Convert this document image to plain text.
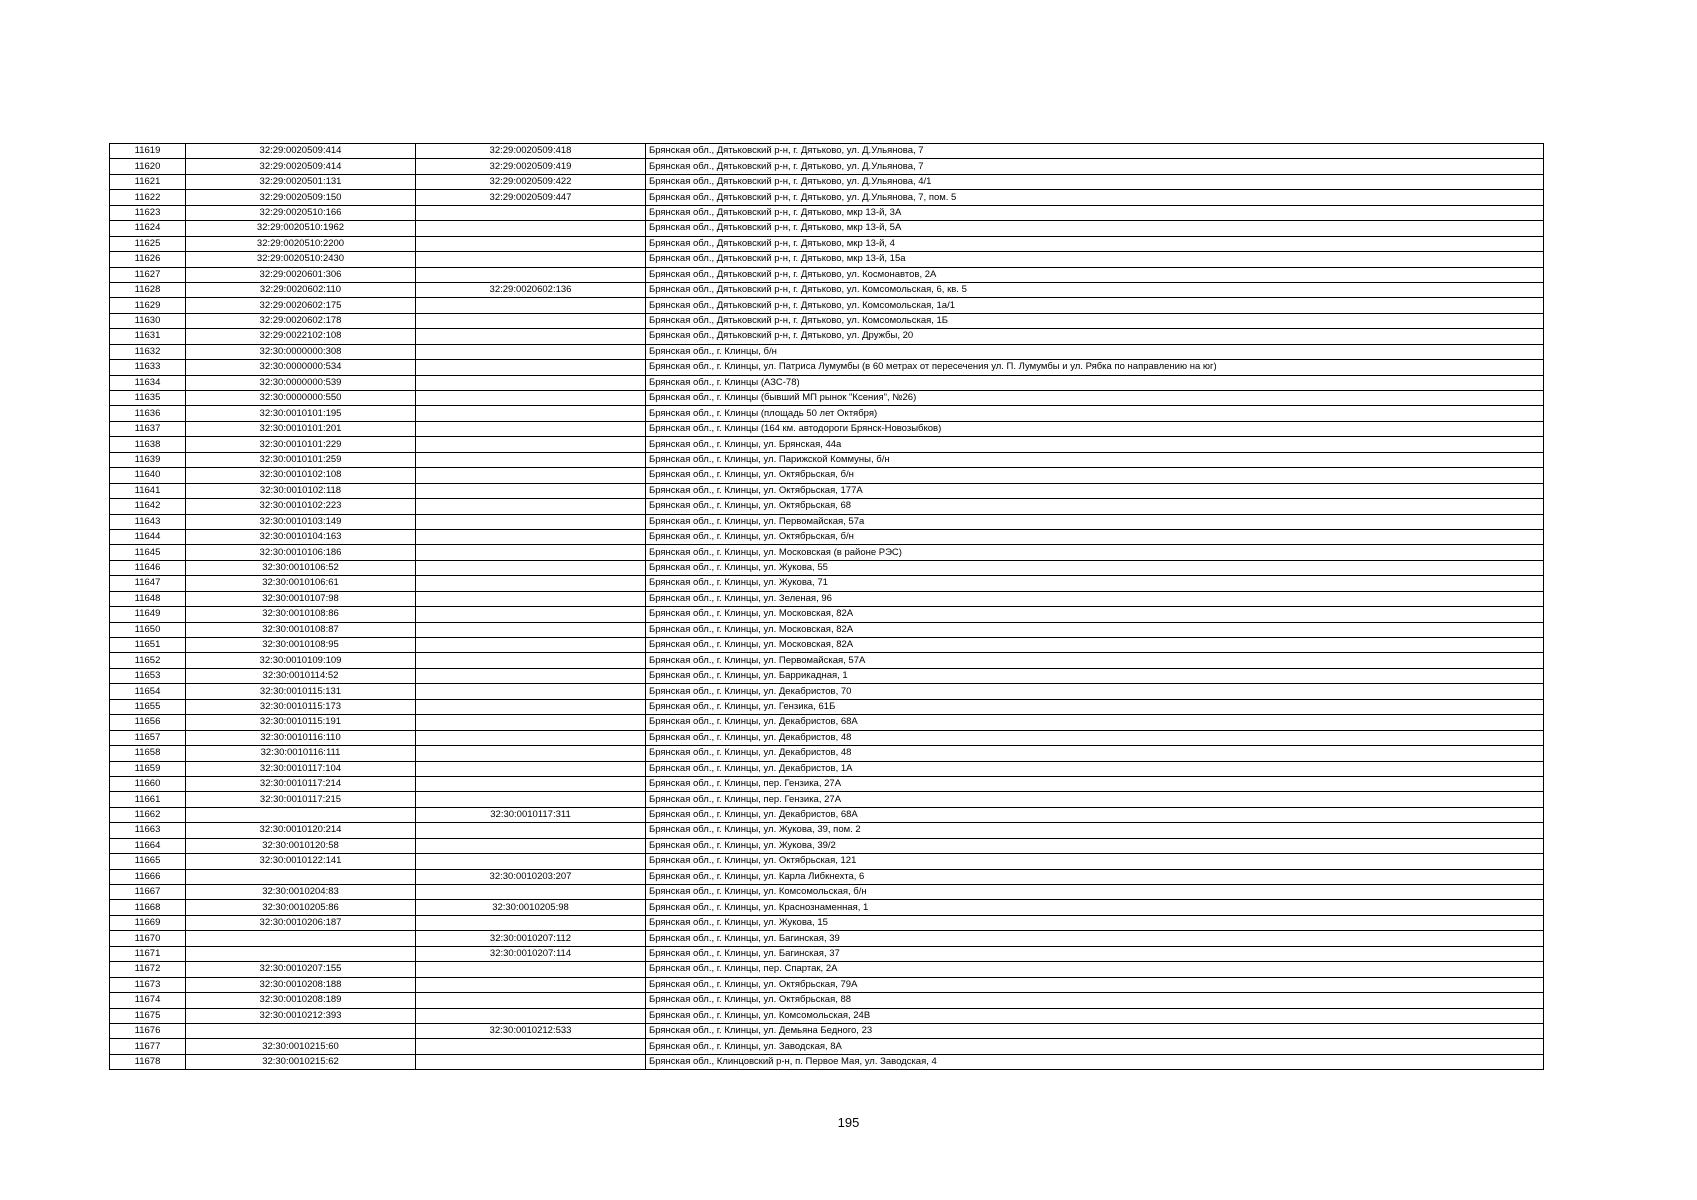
11619	32:29:0020509:414	32:29:0020509:418	Брянская обл., Дятьковский р-н, г. Дятьково, ул. Д.Ульянова, 7
11620	32:29:0020509:414	32:29:0020509:419	Брянская обл., Дятьковский р-н, г. Дятьково, ул. Д.Ульянова, 7
11621	32:29:0020501:131	32:29:0020509:422	Брянская обл., Дятьковский р-н, г. Дятьково, ул. Д.Ульянова, 4/1
11622	32:29:0020509:150	32:29:0020509:447	Брянская обл., Дятьковский р-н, г. Дятьково, ул. Д.Ульянова, 7, пом. 5
11623	32:29:0020510:166		Брянская обл., Дятьковский р-н, г. Дятьково, мкр 13-й, 3А
11624	32:29:0020510:1962		Брянская обл., Дятьковский р-н, г. Дятьково, мкр 13-й, 5А
11625	32:29:0020510:2200		Брянская обл., Дятьковский р-н, г. Дятьково, мкр 13-й, 4
11626	32:29:0020510:2430		Брянская обл., Дятьковский р-н, г. Дятьково, мкр 13-й, 15а
11627	32:29:0020601:306		Брянская обл., Дятьковский р-н, г. Дятьково, ул. Космонавтов, 2А
11628	32:29:0020602:110	32:29:0020602:136	Брянская обл., Дятьковский р-н, г. Дятьково, ул. Комсомольская, 6, кв. 5
11629	32:29:0020602:175		Брянская обл., Дятьковский р-н, г. Дятьково, ул. Комсомольская, 1а/1
11630	32:29:0020602:178		Брянская обл., Дятьковский р-н, г. Дятьково, ул. Комсомольская, 1Б
11631	32:29:0022102:108		Брянская обл., Дятьковский р-н, г. Дятьково, ул. Дружбы, 20
11632	32:30:0000000:308		Брянская обл., г. Клинцы, б/н
11633	32:30:0000000:534		Брянская обл., г. Клинцы, ул. Патриса Лумумбы (в 60 метрах от пересечения ул. П. Лумумбы и ул. Рябка по направлению на юг)
11634	32:30:0000000:539		Брянская обл., г. Клинцы (АЗС-78)
11635	32:30:0000000:550		Брянская обл., г. Клинцы (бывший МП рынок "Ксения", №26)
11636	32:30:0010101:195		Брянская обл., г. Клинцы (площадь 50 лет Октября)
11637	32:30:0010101:201		Брянская обл., г. Клинцы (164 км. автодороги Брянск-Новозыбков)
11638	32:30:0010101:229		Брянская обл., г. Клинцы, ул. Брянская, 44а
11639	32:30:0010101:259		Брянская обл., г. Клинцы, ул. Парижской Коммуны, б/н
11640	32:30:0010102:108		Брянская обл., г. Клинцы, ул. Октябрьская, б/н
11641	32:30:0010102:118		Брянская обл., г. Клинцы, ул. Октябрьская, 177А
11642	32:30:0010102:223		Брянская обл., г. Клинцы, ул. Октябрьская, 68
11643	32:30:0010103:149		Брянская обл., г. Клинцы, ул. Первомайская, 57а
11644	32:30:0010104:163		Брянская обл., г. Клинцы, ул. Октябрьская, б/н
11645	32:30:0010106:186		Брянская обл., г. Клинцы, ул. Московская (в районе РЭС)
11646	32:30:0010106:52		Брянская обл., г. Клинцы, ул. Жукова, 55
11647	32:30:0010106:61		Брянская обл., г. Клинцы, ул. Жукова, 71
11648	32:30:0010107:98		Брянская обл., г. Клинцы, ул. Зеленая, 96
11649	32:30:0010108:86		Брянская обл., г. Клинцы, ул. Московская, 82А
11650	32:30:0010108:87		Брянская обл., г. Клинцы, ул. Московская, 82А
11651	32:30:0010108:95		Брянская обл., г. Клинцы, ул. Московская, 82А
11652	32:30:0010109:109		Брянская обл., г. Клинцы, ул. Первомайская, 57А
11653	32:30:0010114:52		Брянская обл., г. Клинцы, ул. Баррикадная, 1
11654	32:30:0010115:131		Брянская обл., г. Клинцы, ул. Декабристов, 70
11655	32:30:0010115:173		Брянская обл., г. Клинцы, ул. Гензика, 61Б
11656	32:30:0010115:191		Брянская обл., г. Клинцы, ул. Декабристов, 68А
11657	32:30:0010116:110		Брянская обл., г. Клинцы, ул. Декабристов, 48
11658	32:30:0010116:111		Брянская обл., г. Клинцы, ул. Декабристов, 48
11659	32:30:0010117:104		Брянская обл., г. Клинцы, ул. Декабристов, 1А
11660	32:30:0010117:214		Брянская обл., г. Клинцы, пер. Гензика, 27А
11661	32:30:0010117:215		Брянская обл., г. Клинцы, пер. Гензика, 27А
11662		32:30:0010117:311	Брянская обл., г. Клинцы, ул. Декабристов, 68А
11663	32:30:0010120:214		Брянская обл., г. Клинцы, ул. Жукова, 39, пом. 2
11664	32:30:0010120:58		Брянская обл., г. Клинцы, ул. Жукова, 39/2
11665	32:30:0010122:141		Брянская обл., г. Клинцы, ул. Октябрьская, 121
11666		32:30:0010203:207	Брянская обл., г. Клинцы, ул. Карла Либкнехта, 6
11667	32:30:0010204:83		Брянская обл., г. Клинцы, ул. Комсомольская, б/н
11668	32:30:0010205:86	32:30:0010205:98	Брянская обл., г. Клинцы, ул. Краснознаменная, 1
11669	32:30:0010206:187		Брянская обл., г. Клинцы, ул. Жукова, 15
11670		32:30:0010207:112	Брянская обл., г. Клинцы, ул. Багинская, 39
11671		32:30:0010207:114	Брянская обл., г. Клинцы, ул. Багинская, 37
11672	32:30:0010207:155		Брянская обл., г. Клинцы, пер. Спартак, 2А
11673	32:30:0010208:188		Брянская обл., г. Клинцы, ул. Октябрьская, 79А
11674	32:30:0010208:189		Брянская обл., г. Клинцы, ул. Октябрьская, 88
11675	32:30:0010212:393		Брянская обл., г. Клинцы, ул. Комсомольская, 24В
11676		32:30:0010212:533	Брянская обл., г. Клинцы, ул. Демьяна Бедного, 23
11677	32:30:0010215:60		Брянская обл., г. Клинцы, ул. Заводская, 8А
11678	32:30:0010215:62		Брянская обл., Клинцовский р-н, п. Первое Мая, ул. Заводская, 4
195
